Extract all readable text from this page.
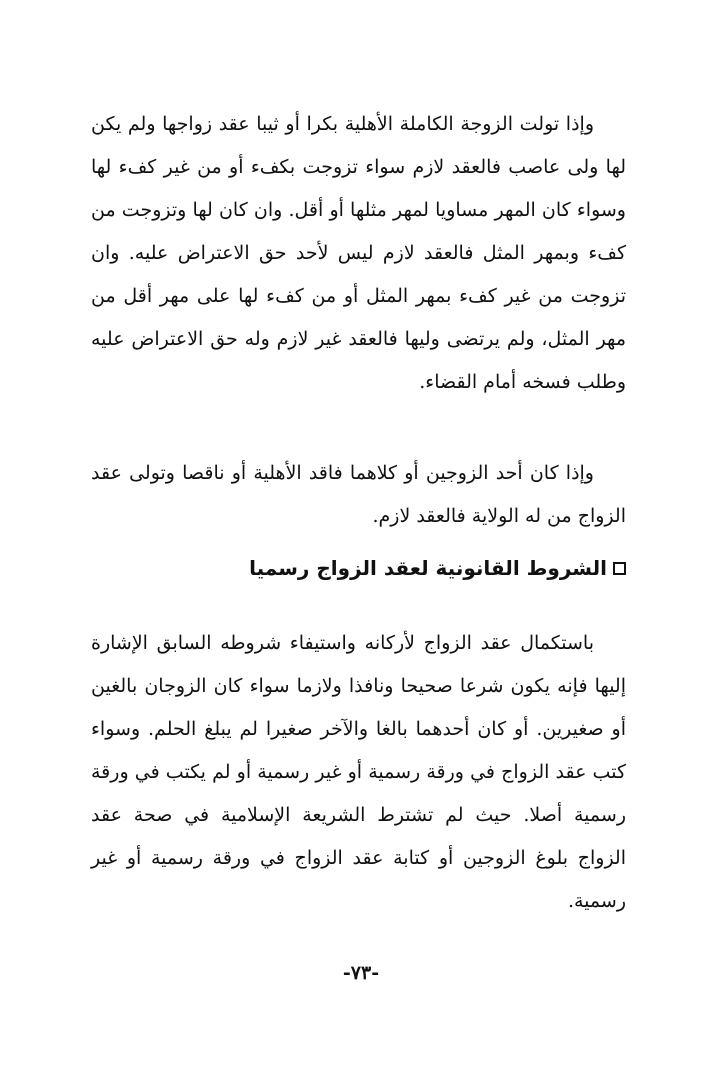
وإذا تولت الزوجة الكاملة الأهلية بكرا أو ثيبا عقد زواجها ولم يكن لها ولى عاصب فالعقد لازم سواء تزوجت بكفء أو من غير كفء لها وسواء كان المهر مساويا لمهر مثلها أو أقل. وان كان لها وتزوجت من كفء وبمهر المثل فالعقد لازم ليس لأحد حق الاعتراض عليه. وان تزوجت من غير كفء بمهر المثل أو من كفء لها على مهر أقل من مهر المثل، ولم يرتضى وليها فالعقد غير لازم وله حق الاعتراض عليه وطلب فسخه أمام القضاء.

وإذا كان أحد الزوجين أو كلاهما فاقد الأهلية أو ناقصا وتولى عقد الزواج من له الولاية فالعقد لازم.

الشروط القانونية لعقد الزواج رسميا

باستكمال عقد الزواج لأركانه واستيفاء شروطه السابق الإشارة إليها فإنه يكون شرعا صحيحا ونافذا ولازما سواء كان الزوجان بالغين أو صغيرين. أو كان أحدهما بالغا والآخر صغيرا لم يبلغ الحلم. وسواء كتب عقد الزواج في ورقة رسمية أو غير رسمية أو لم يكتب في ورقة رسمية أصلا. حيث لم تشترط الشريعة الإسلامية في صحة عقد الزواج بلوغ الزوجين أو كتابة عقد الزواج في ورقة رسمية أو غير رسمية.

-٧٣-
